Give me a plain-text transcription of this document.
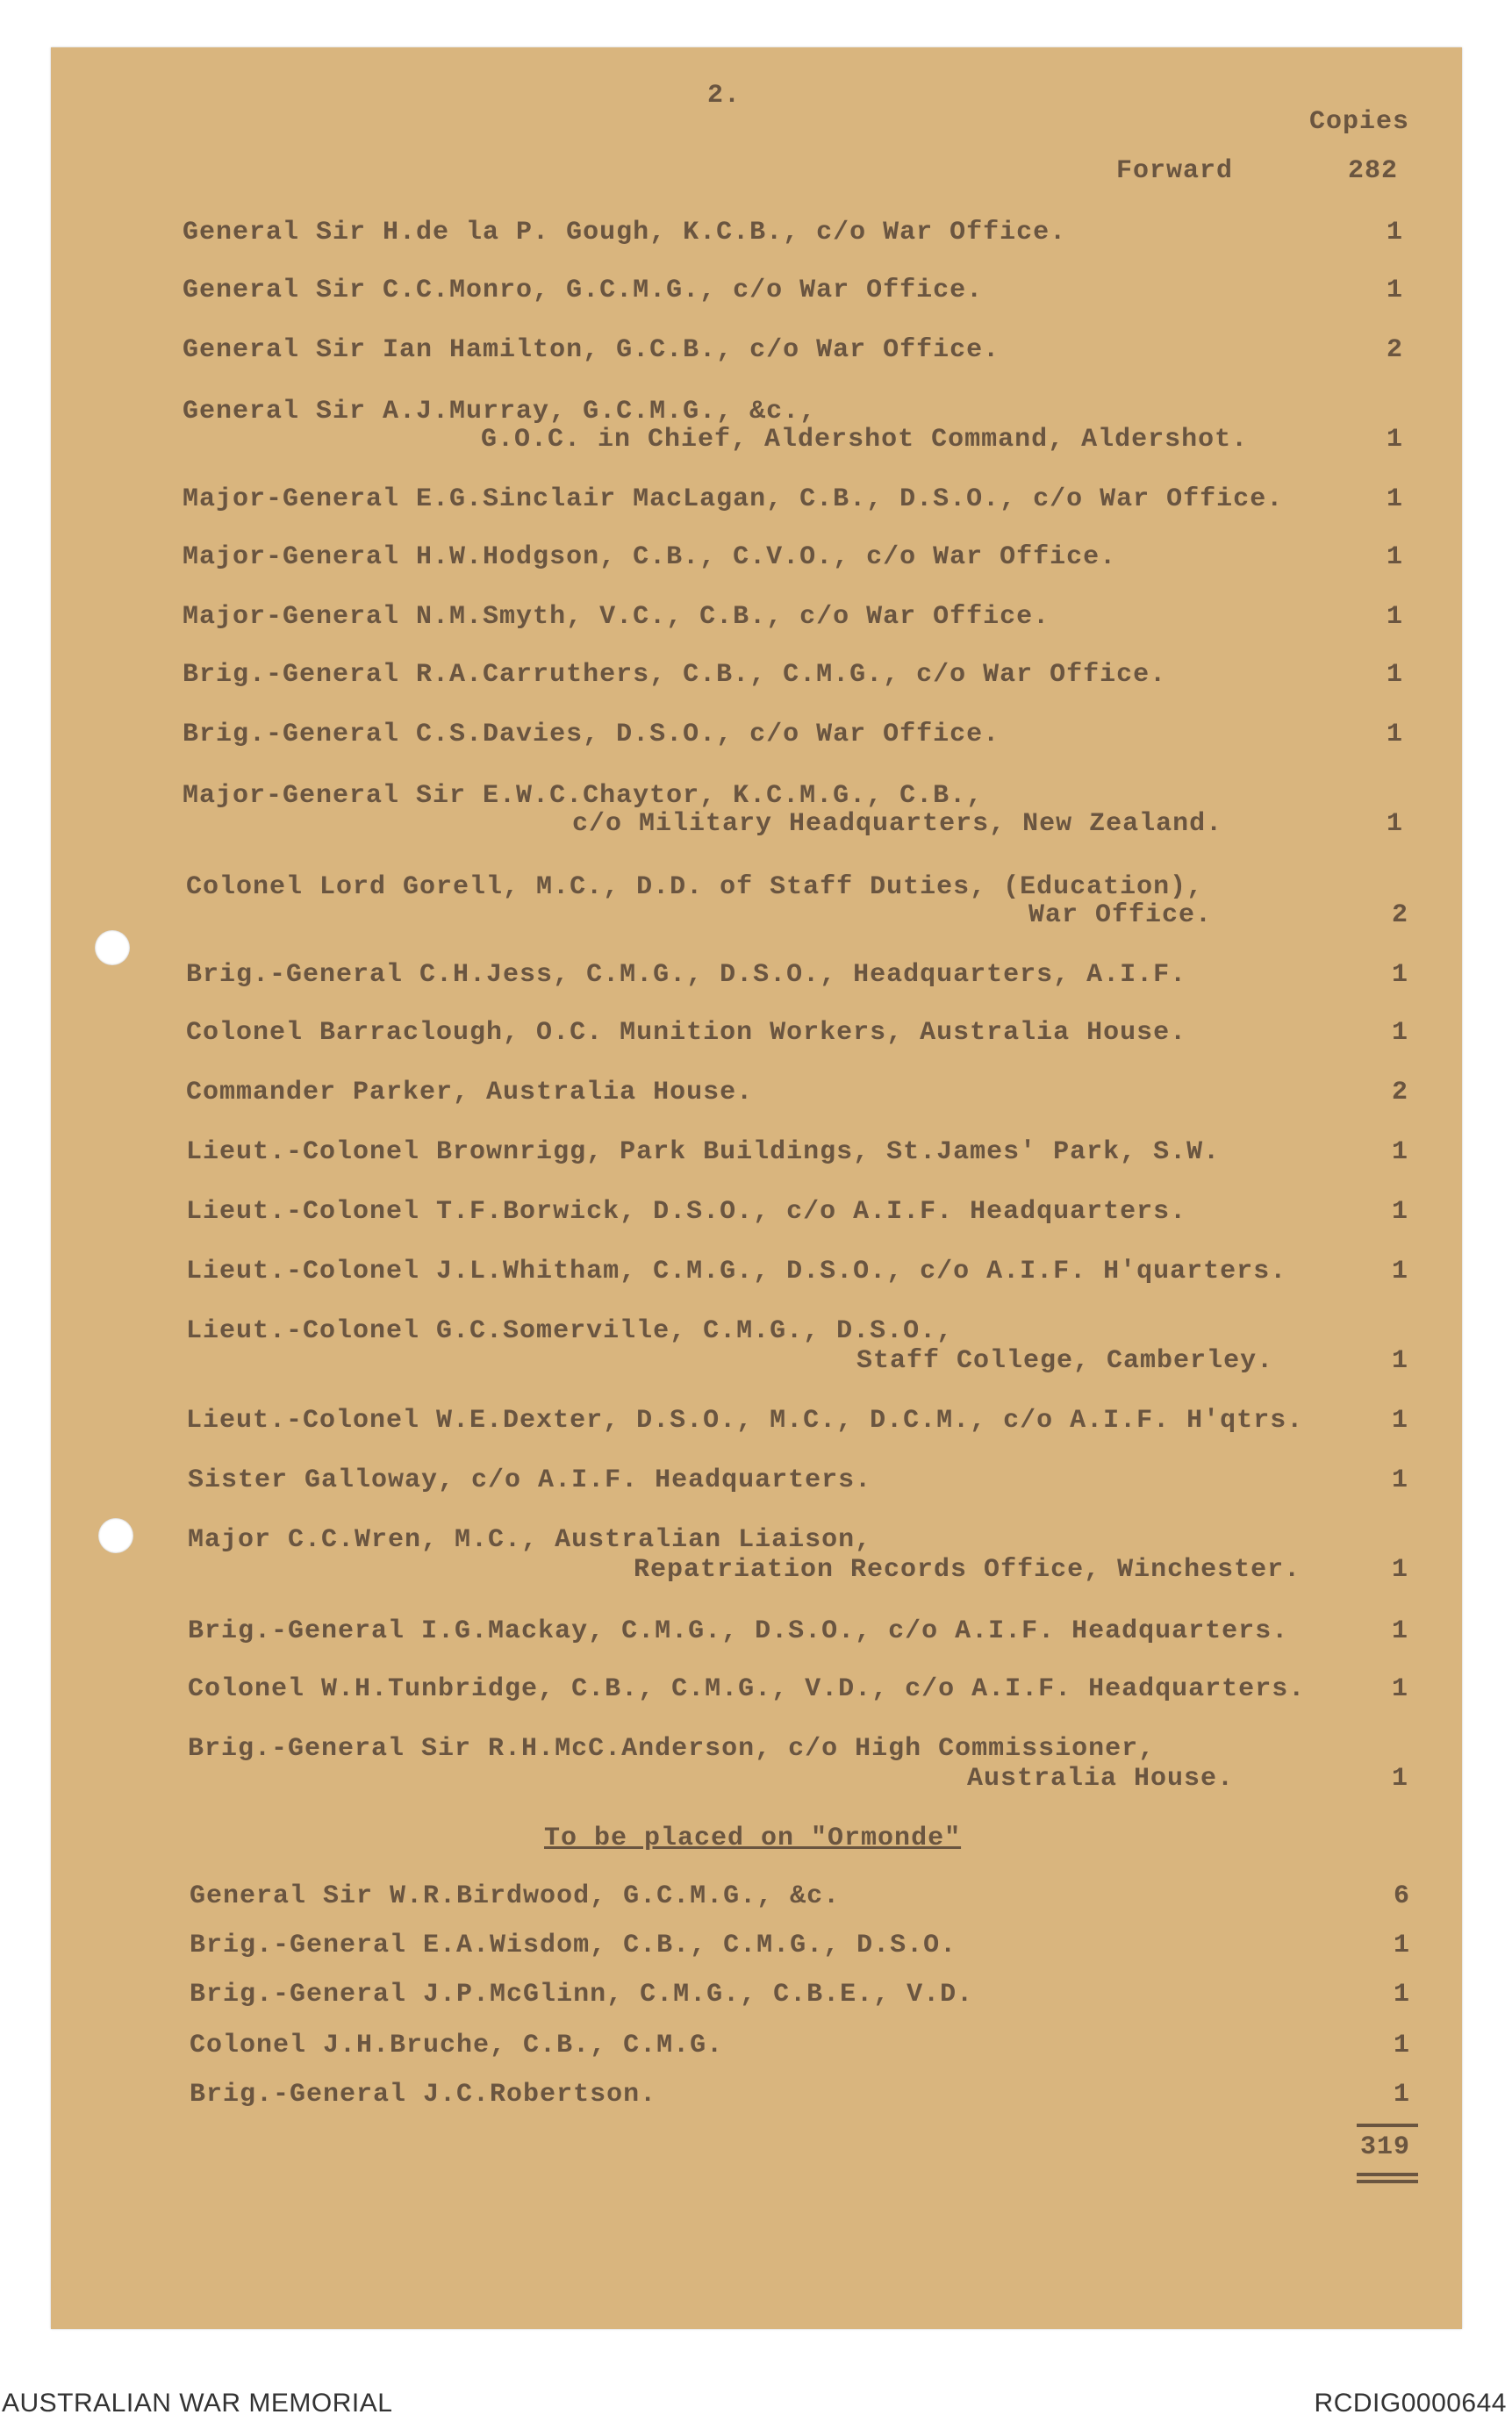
2.
Copies
Forward	282
General Sir H.de la P. Gough, K.C.B., c/o War Office.	1
General Sir C.C.Monro, G.C.M.G., c/o War Office.	1
General Sir Ian Hamilton, G.C.B., c/o War Office.	2
General Sir A.J.Murray, G.C.M.G., &c.,
G.O.C. in Chief, Aldershot Command, Aldershot.	1
Major-General E.G.Sinclair MacLagan, C.B., D.S.O., c/o War Office.	1
Major-General H.W.Hodgson, C.B., C.V.O., c/o War Office.	1
Major-General N.M.Smyth, V.C., C.B., c/o War Office.	1
Brig.-General R.A.Carruthers, C.B., C.M.G., c/o War Office.	1
Brig.-General C.S.Davies, D.S.O., c/o War Office.	1
Major-General Sir E.W.C.Chaytor, K.C.M.G., C.B.,
c/o Military Headquarters, New Zealand.	1
Colonel Lord Gorell, M.C., D.D. of Staff Duties, (Education),
War Office.	2
Brig.-General C.H.Jess, C.M.G., D.S.O., Headquarters, A.I.F.	1
Colonel Barraclough, O.C. Munition Workers, Australia House.	1
Commander Parker, Australia House.	2
Lieut.-Colonel Brownrigg, Park Buildings, St.James' Park, S.W.	1
Lieut.-Colonel T.F.Borwick, D.S.O., c/o A.I.F. Headquarters.	1
Lieut.-Colonel J.L.Whitham, C.M.G., D.S.O., c/o A.I.F. H'quarters.	1
Lieut.-Colonel G.C.Somerville, C.M.G., D.S.O.,
Staff College, Camberley.	1
Lieut.-Colonel W.E.Dexter, D.S.O., M.C., D.C.M., c/o A.I.F. H'qtrs.	1
Sister Galloway, c/o A.I.F. Headquarters.	1
Major C.C.Wren, M.C., Australian Liaison,
Repatriation Records Office, Winchester.	1
Brig.-General I.G.Mackay, C.M.G., D.S.O., c/o A.I.F. Headquarters.	1
Colonel W.H.Tunbridge, C.B., C.M.G., V.D., c/o A.I.F. Headquarters.	1
Brig.-General Sir R.H.McC.Anderson, c/o High Commissioner,
Australia House.	1
To be placed on "Ormonde"
General Sir W.R.Birdwood, G.C.M.G., &c.	6
Brig.-General E.A.Wisdom, C.B., C.M.G., D.S.O.	1
Brig.-General J.P.McGlinn, C.M.G., C.B.E., V.D.	1
Colonel J.H.Bruche, C.B., C.M.G.	1
Brig.-General J.C.Robertson.	1
319
AUSTRALIAN WAR MEMORIAL	RCDIG0000644
